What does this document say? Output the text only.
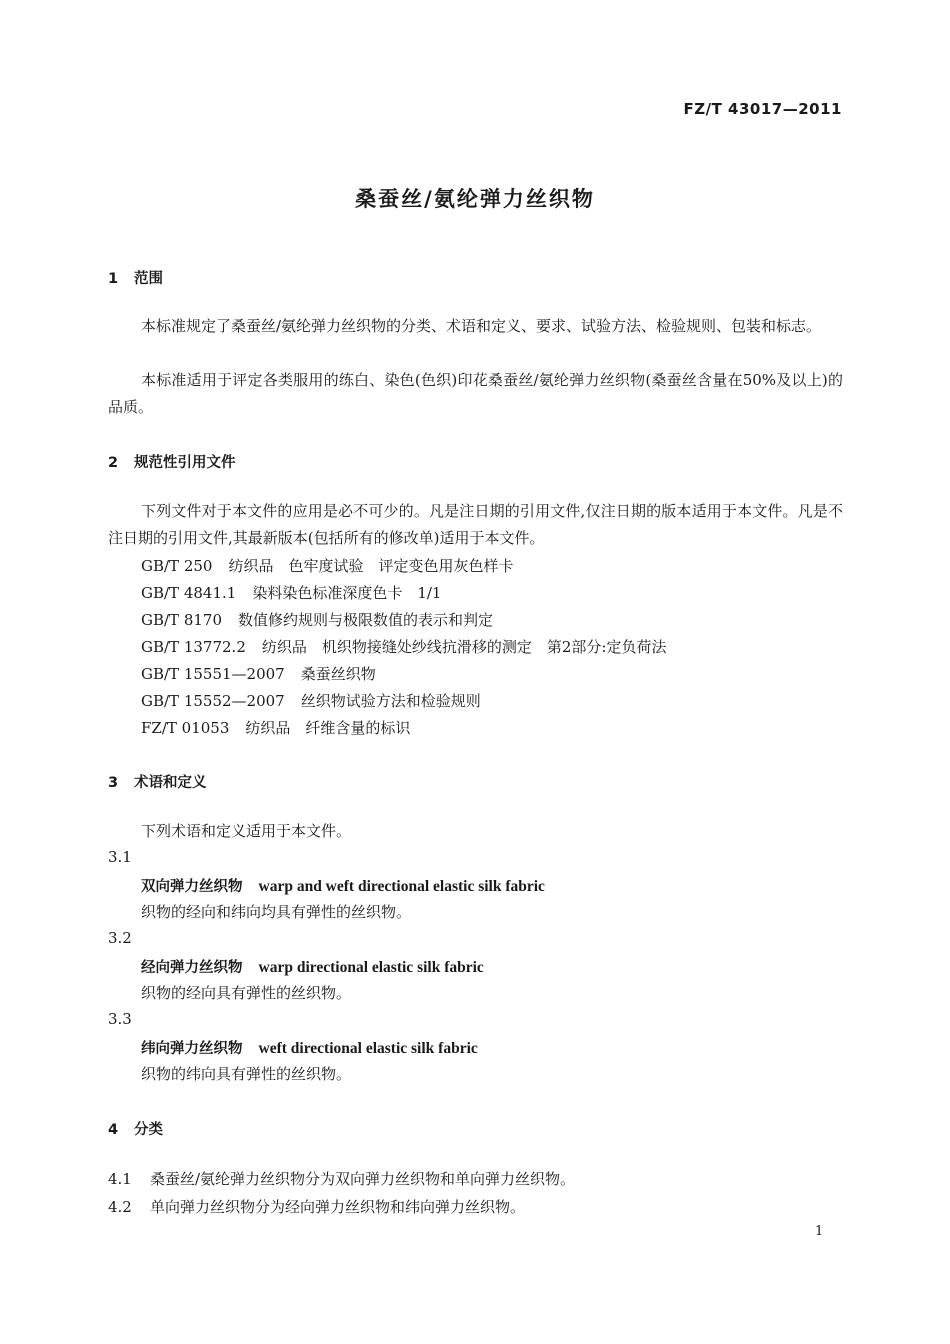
FZ/T 43017—2011
桑蚕丝/氨纶弹力丝织物
1 范围
本标准规定了桑蚕丝/氨纶弹力丝织物的分类、术语和定义、要求、试验方法、检验规则、包装和标志。
本标准适用于评定各类服用的练白、染色(色织)印花桑蚕丝/氨纶弹力丝织物(桑蚕丝含量在50%及以上)的品质。
2 规范性引用文件
下列文件对于本文件的应用是必不可少的。凡是注日期的引用文件,仅注日期的版本适用于本文件。凡是不注日期的引用文件,其最新版本(包括所有的修改单)适用于本文件。
GB/T 250 纺织品　色牢度试验　评定变色用灰色样卡
GB/T 4841.1 染料染色标准深度色卡　1/1
GB/T 8170 数值修约规则与极限数值的表示和判定
GB/T 13772.2 纺织品　机织物接缝处纱线抗滑移的测定　第2部分:定负荷法
GB/T 15551—2007 桑蚕丝织物
GB/T 15552—2007 丝织物试验方法和检验规则
FZ/T 01053 纺织品　纤维含量的标识
3 术语和定义
下列术语和定义适用于本文件。
3.1
双向弹力丝织物 warp and weft directional elastic silk fabric
织物的经向和纬向均具有弹性的丝织物。
3.2
经向弹力丝织物 warp directional elastic silk fabric
织物的经向具有弹性的丝织物。
3.3
纬向弹力丝织物 weft directional elastic silk fabric
织物的纬向具有弹性的丝织物。
4 分类
4.1 桑蚕丝/氨纶弹力丝织物分为双向弹力丝织物和单向弹力丝织物。
4.2 单向弹力丝织物分为经向弹力丝织物和纬向弹力丝织物。
1
